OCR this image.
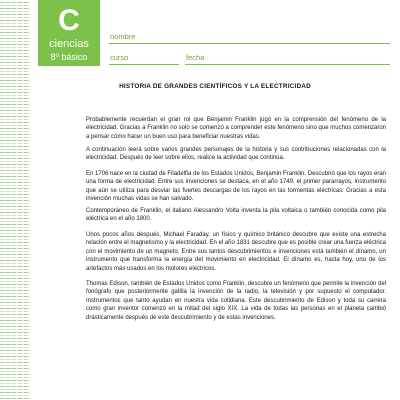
C
ciencias
8º básico
nombre
curso	fecha
HISTORIA DE GRANDES CIENTÍFICOS Y LA ELECTRICIDAD

Probablemente recuerdan el gran rol que Benjamin Franklin jugó en la comprensión del fenómeno de la electricidad. Gracias a Franklin no solo se comenzó a comprender este fenómeno sino que muchos comenzaron a pensar cómo hacer un buen uso para beneficiar nuestras vidas.

A continuación leerá sobre varios grandes personajes de la historia y sus contribuciones relacionadas con la electricidad. Después de leer sobre ellos, realice la actividad que continúa.

En 1706 nace en la ciudad de Filadelfia de los Estados Unidos, Benjamin Franklin. Descubrió que los rayos eran una forma de electricidad. Entre sus invenciones se destaca, en el año 1749, el primer pararrayos, instrumento que aún se utiliza para desviar las fuertes descargas de los rayos en las tormentas eléctricas. Gracias a esta invención muchas vidas se han salvado.

Contemporáneo de Franklin, el italiano Alessandro Volta inventa la pila voltaica o también conocida como pila eléctrica en el año 1800.

Unos pocos años después, Michael Faraday, un físico y químico británico descubre que existe una estrecha relación entre el magnetismo y la electricidad. En el año 1831 descubre que es posible crear una fuerza eléctrica con el movimiento de un magneto. Entre sus tantos descubrimientos e invenciones está también el dínamo, un instrumento que transforma la energía del movimiento en electricidad. El dínamo es, hasta hoy, uno de los artefactos más usados en los motores eléctricos.

Thomas Edison, también de Estados Unidos como Franklin, descubre un fenómeno que permite la invención del fonógrafo que posteriormente gatilla la invención de la radio, la televisión y por supuesto el computador. Instrumentos que tanto ayudan en nuestra vida cotidiana. Este descubrimiento de Edison y toda su carrera como gran inventor comenzó en la mitad del siglo XIX. La vida de todas las personas en el planeta cambió drásticamente después de este descubrimiento y de estas invenciones.
